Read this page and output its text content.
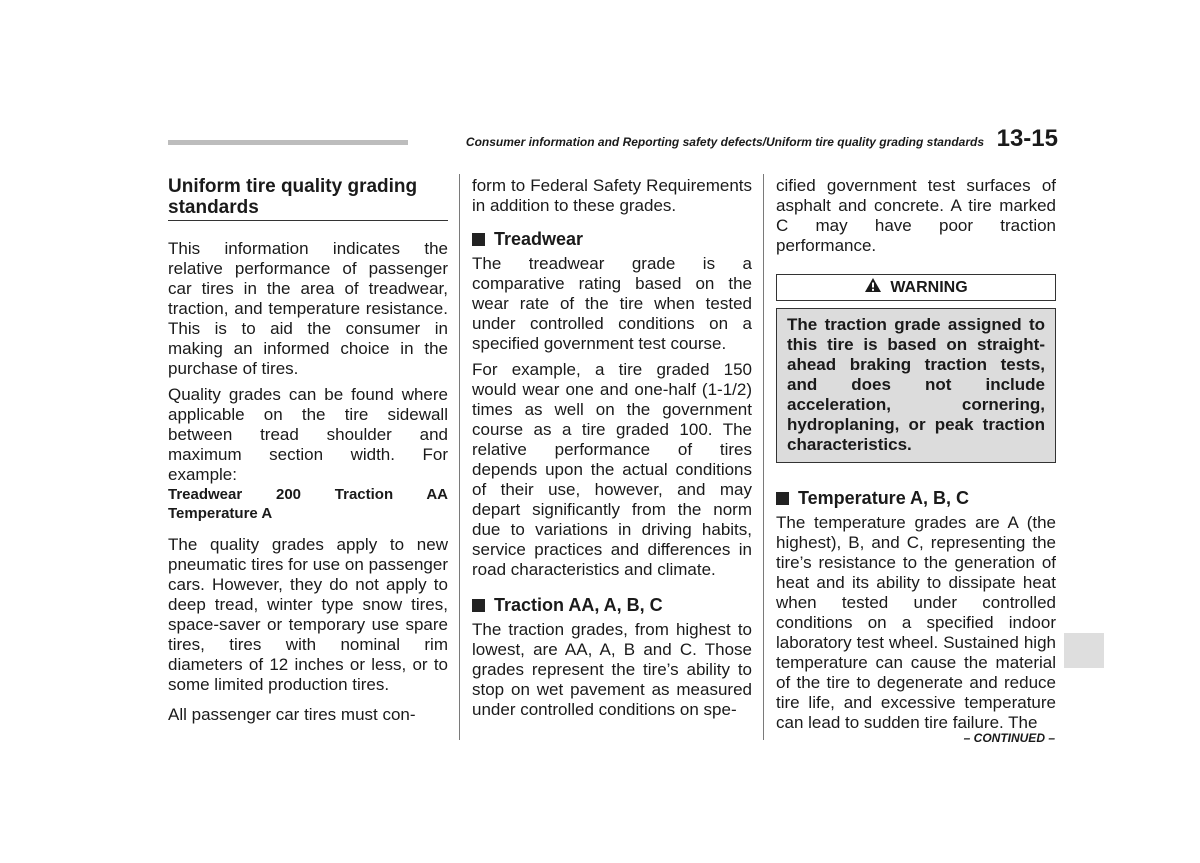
Consumer information and Reporting safety defects/Uniform tire quality grading standards 13-15
Uniform tire quality grading
standards

This information indicates the relative performance of passenger car tires in the area of treadwear, traction, and temperature resistance. This is to aid the consumer in making an informed choice in the purchase of tires.

Quality grades can be found where applicable on the tire sidewall between tread shoulder and maximum section width. For example:

Treadwear 200 Traction AA Temperature A

The quality grades apply to new pneumatic tires for use on passenger cars. However, they do not apply to deep tread, winter type snow tires, space-saver or temporary use spare tires, tires with nominal rim diameters of 12 inches or less, or to some limited production tires.

All passenger car tires must con-

form to Federal Safety Requirements in addition to these grades.

Treadwear

The treadwear grade is a comparative rating based on the wear rate of the tire when tested under controlled conditions on a specified government test course.

For example, a tire graded 150 would wear one and one-half (1-1/2) times as well on the government course as a tire graded 100. The relative performance of tires depends upon the actual conditions of their use, however, and may depart significantly from the norm due to variations in driving habits, service practices and differences in road characteristics and climate.

Traction AA, A, B, C

The traction grades, from highest to lowest, are AA, A, B and C. Those grades represent the tire’s ability to stop on wet pavement as measured under controlled conditions on spe-

cified government test surfaces of asphalt and concrete. A tire marked C may have poor traction performance.

WARNING

The traction grade assigned to this tire is based on straight-ahead braking traction tests, and does not include acceleration, cornering, hydroplaning, or peak traction characteristics.

Temperature A, B, C

The temperature grades are A (the highest), B, and C, representing the tire’s resistance to the generation of heat and its ability to dissipate heat when tested under controlled conditions on a specified indoor laboratory test wheel. Sustained high temperature can cause the material of the tire to degenerate and reduce tire life, and excessive temperature can lead to sudden tire failure. The

– CONTINUED –
